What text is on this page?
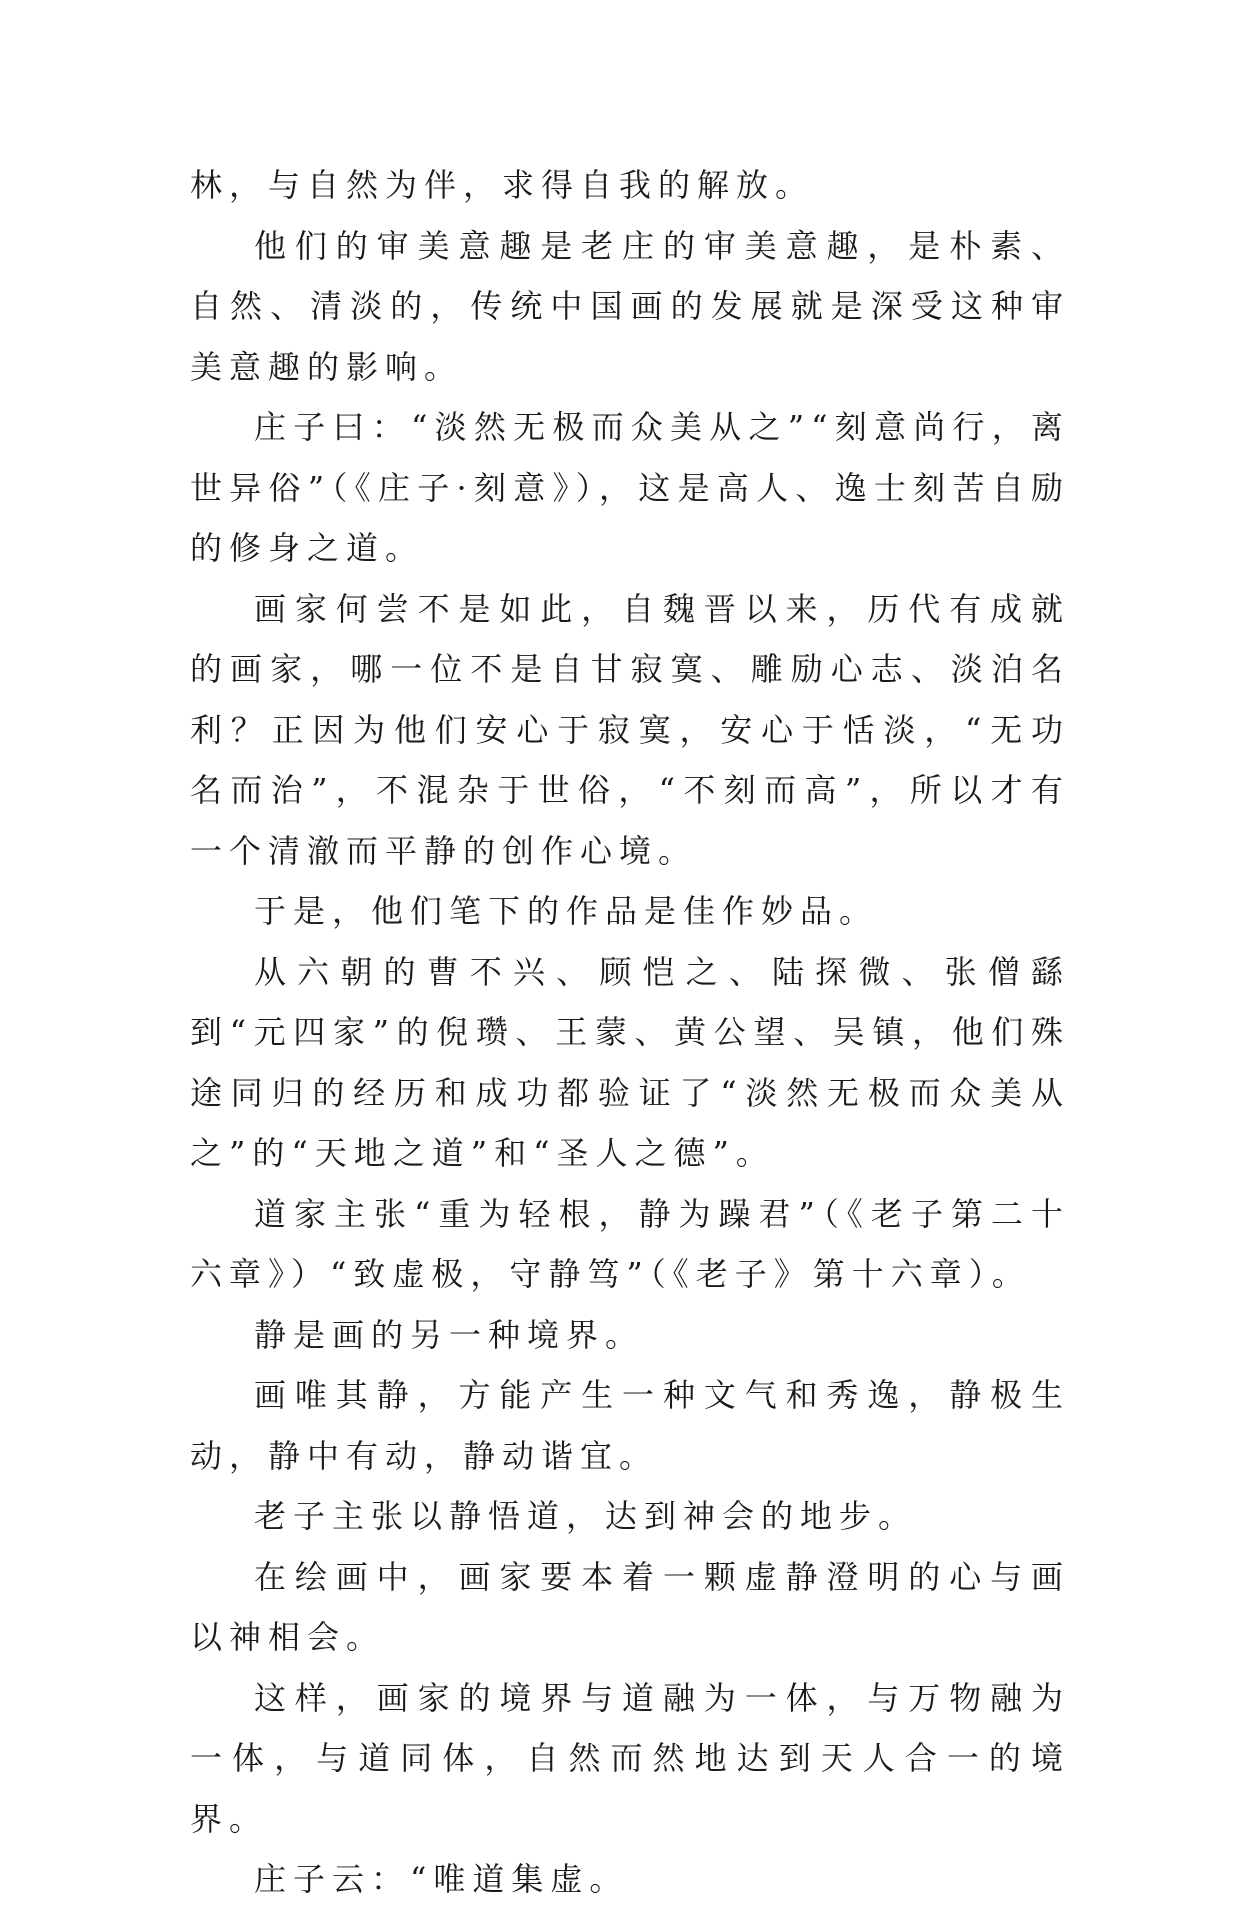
林，与自然为伴，求得自我的解放。

他们的审美意趣是老庄的审美意趣，是朴素、自然、清淡的，传统中国画的发展就是深受这种审美意趣的影响。

庄子曰：“淡然无极而众美从之”“刻意尚行，离世异俗”（《庄子·刻意》），这是高人、逸士刻苦自励的修身之道。

画家何尝不是如此，自魏晋以来，历代有成就的画家，哪一位不是自甘寂寞、雕励心志、淡泊名利？正因为他们安心于寂寞，安心于恬淡，“无功名而治”，不混杂于世俗，“不刻而高”，所以才有一个清澈而平静的创作心境。

于是，他们笔下的作品是佳作妙品。

从六朝的曹不兴、顾恺之、陆探微、张僧繇到“元四家”的倪瓒、王蒙、黄公望、吴镇，他们殊途同归的经历和成功都验证了“淡然无极而众美从之”的“天地之道”和“圣人之德”。

道家主张“重为轻根，静为躁君”（《老子第二十六章》）“致虚极，守静笃”（《老子》第十六章）。

静是画的另一种境界。

画唯其静，方能产生一种文气和秀逸，静极生动，静中有动，静动谐宜。

老子主张以静悟道，达到神会的地步。

在绘画中，画家要本着一颗虚静澄明的心与画以神相会。

这样，画家的境界与道融为一体，与万物融为一体，与道同体，自然而然地达到天人合一的境界。

庄子云：“唯道集虚。
